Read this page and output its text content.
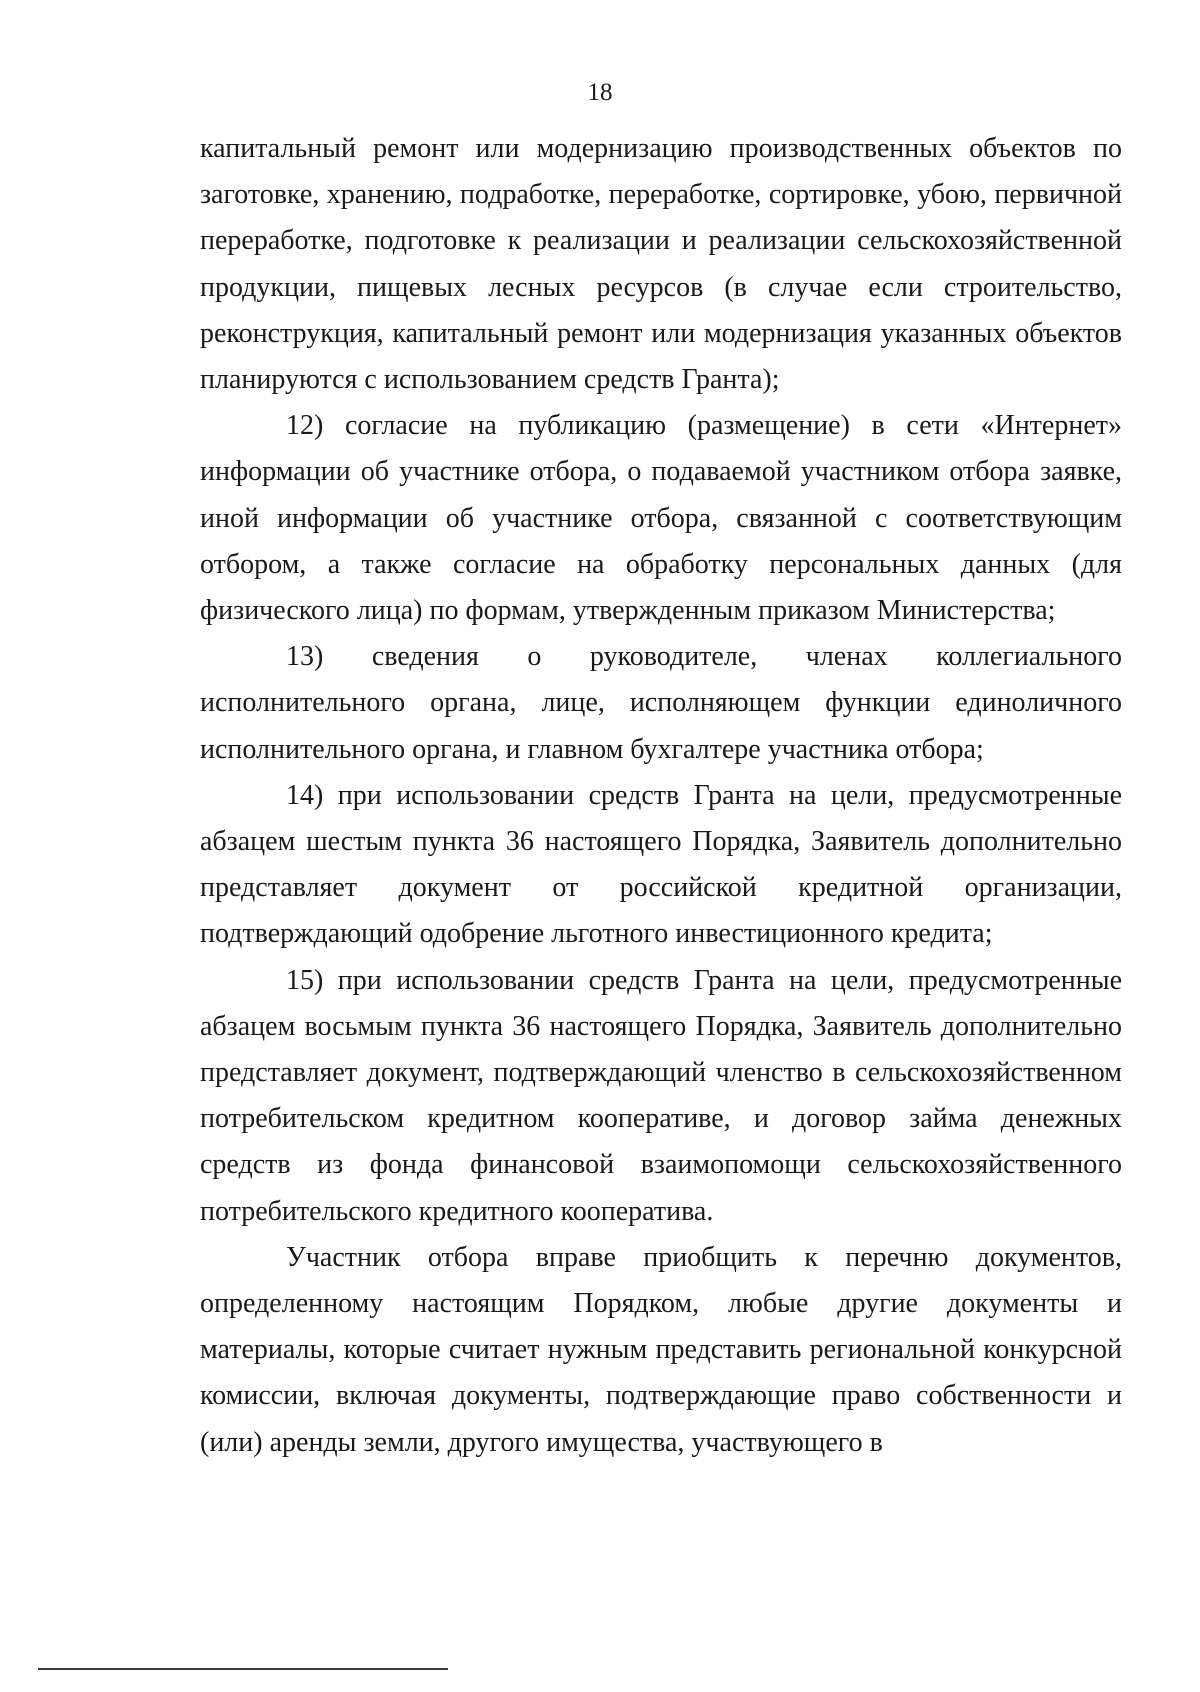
18

капитальный ремонт или модернизацию производственных объектов по заготовке, хранению, подработке, переработке, сортировке, убою, первичной переработке, подготовке к реализации и реализации сельскохозяйственной продукции, пищевых лесных ресурсов (в случае если строительство, реконструкция, капитальный ремонт или модернизация указанных объектов планируются с использованием средств Гранта);

12) согласие на публикацию (размещение) в сети «Интернет» информации об участнике отбора, о подаваемой участником отбора заявке, иной информации об участнике отбора, связанной с соответствующим отбором, а также согласие на обработку персональных данных (для физического лица) по формам, утвержденным приказом Министерства;

13) сведения о руководителе, членах коллегиального исполнительного органа, лице, исполняющем функции единоличного исполнительного органа, и главном бухгалтере участника отбора;

14) при использовании средств Гранта на цели, предусмотренные абзацем шестым пункта 36 настоящего Порядка, Заявитель дополнительно представляет документ от российской кредитной организации, подтверждающий одобрение льготного инвестиционного кредита;

15) при использовании средств Гранта на цели, предусмотренные абзацем восьмым пункта 36 настоящего Порядка, Заявитель дополнительно представляет документ, подтверждающий членство в сельскохозяйственном потребительском кредитном кооперативе, и договор займа денежных средств из фонда финансовой взаимопомощи сельскохозяйственного потребительского кредитного кооператива.

Участник отбора вправе приобщить к перечню документов, определенному настоящим Порядком, любые другие документы и материалы, которые считает нужным представить региональной конкурсной комиссии, включая документы, подтверждающие право собственности и (или) аренды земли, другого имущества, участвующего в
